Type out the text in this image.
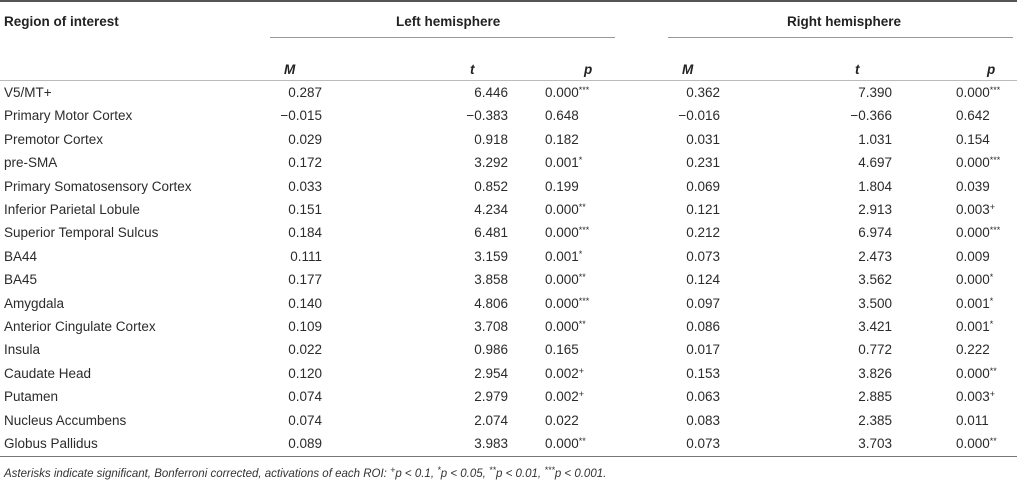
Region of interest	Left hemisphere	Right hemisphere
M	t	p	M	t	p
V5/MT+	0.287	6.446	0.000***	0.362	7.390	0.000***
Primary Motor Cortex	−0.015	−0.383	0.648	−0.016	−0.366	0.642
Premotor Cortex	0.029	0.918	0.182	0.031	1.031	0.154
pre-SMA	0.172	3.292	0.001*	0.231	4.697	0.000***
Primary Somatosensory Cortex	0.033	0.852	0.199	0.069	1.804	0.039
Inferior Parietal Lobule	0.151	4.234	0.000**	0.121	2.913	0.003+
Superior Temporal Sulcus	0.184	6.481	0.000***	0.212	6.974	0.000***
BA44	0.111	3.159	0.001*	0.073	2.473	0.009
BA45	0.177	3.858	0.000**	0.124	3.562	0.000*
Amygdala	0.140	4.806	0.000***	0.097	3.500	0.001*
Anterior Cingulate Cortex	0.109	3.708	0.000**	0.086	3.421	0.001*
Insula	0.022	0.986	0.165	0.017	0.772	0.222
Caudate Head	0.120	2.954	0.002+	0.153	3.826	0.000**
Putamen	0.074	2.979	0.002+	0.063	2.885	0.003+
Nucleus Accumbens	0.074	2.074	0.022	0.083	2.385	0.011
Globus Pallidus	0.089	3.983	0.000**	0.073	3.703	0.000**
Asterisks indicate significant, Bonferroni corrected, activations of each ROI: +p < 0.1, *p < 0.05, **p < 0.01, ***p < 0.001.
